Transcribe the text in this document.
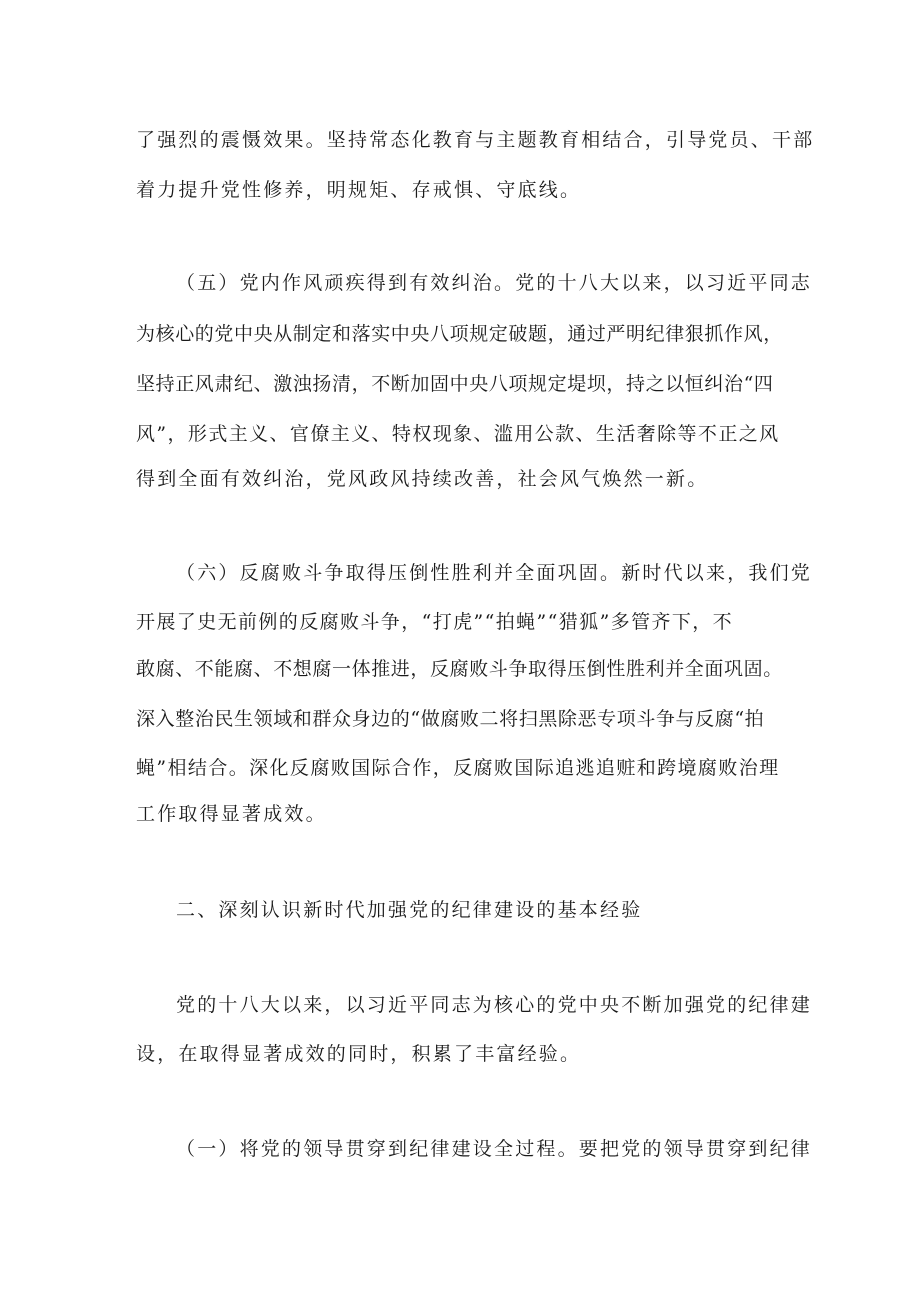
了强烈的震慑效果。坚持常态化教育与主题教育相结合，引导党员、干部

着力提升党性修养，明规矩、存戒惧、守底线。

（五）党内作风顽疾得到有效纠治。党的十八大以来，以习近平同志

为核心的党中央从制定和落实中央八项规定破题，通过严明纪律狠抓作风，

坚持正风肃纪、激浊扬清，不断加固中央八项规定堤坝，持之以恒纠治“四

风”，形式主义、官僚主义、特权现象、滥用公款、生活奢除等不正之风

得到全面有效纠治，党风政风持续改善，社会风气焕然一新。

（六）反腐败斗争取得压倒性胜利并全面巩固。新时代以来，我们党

开展了史无前例的反腐败斗争，“打虎”“拍蝇”“猎狐”多管齐下，不

敢腐、不能腐、不想腐一体推进，反腐败斗争取得压倒性胜利并全面巩固。

深入整治民生领域和群众身边的“做腐败二将扫黑除恶专项斗争与反腐“拍

蝇”相结合。深化反腐败国际合作，反腐败国际追逃追赃和跨境腐败治理

工作取得显著成效。

二、深刻认识新时代加强党的纪律建设的基本经验

党的十八大以来，以习近平同志为核心的党中央不断加强党的纪律建

设，在取得显著成效的同时，积累了丰富经验。

（一）将党的领导贯穿到纪律建设全过程。要把党的领导贯穿到纪律
